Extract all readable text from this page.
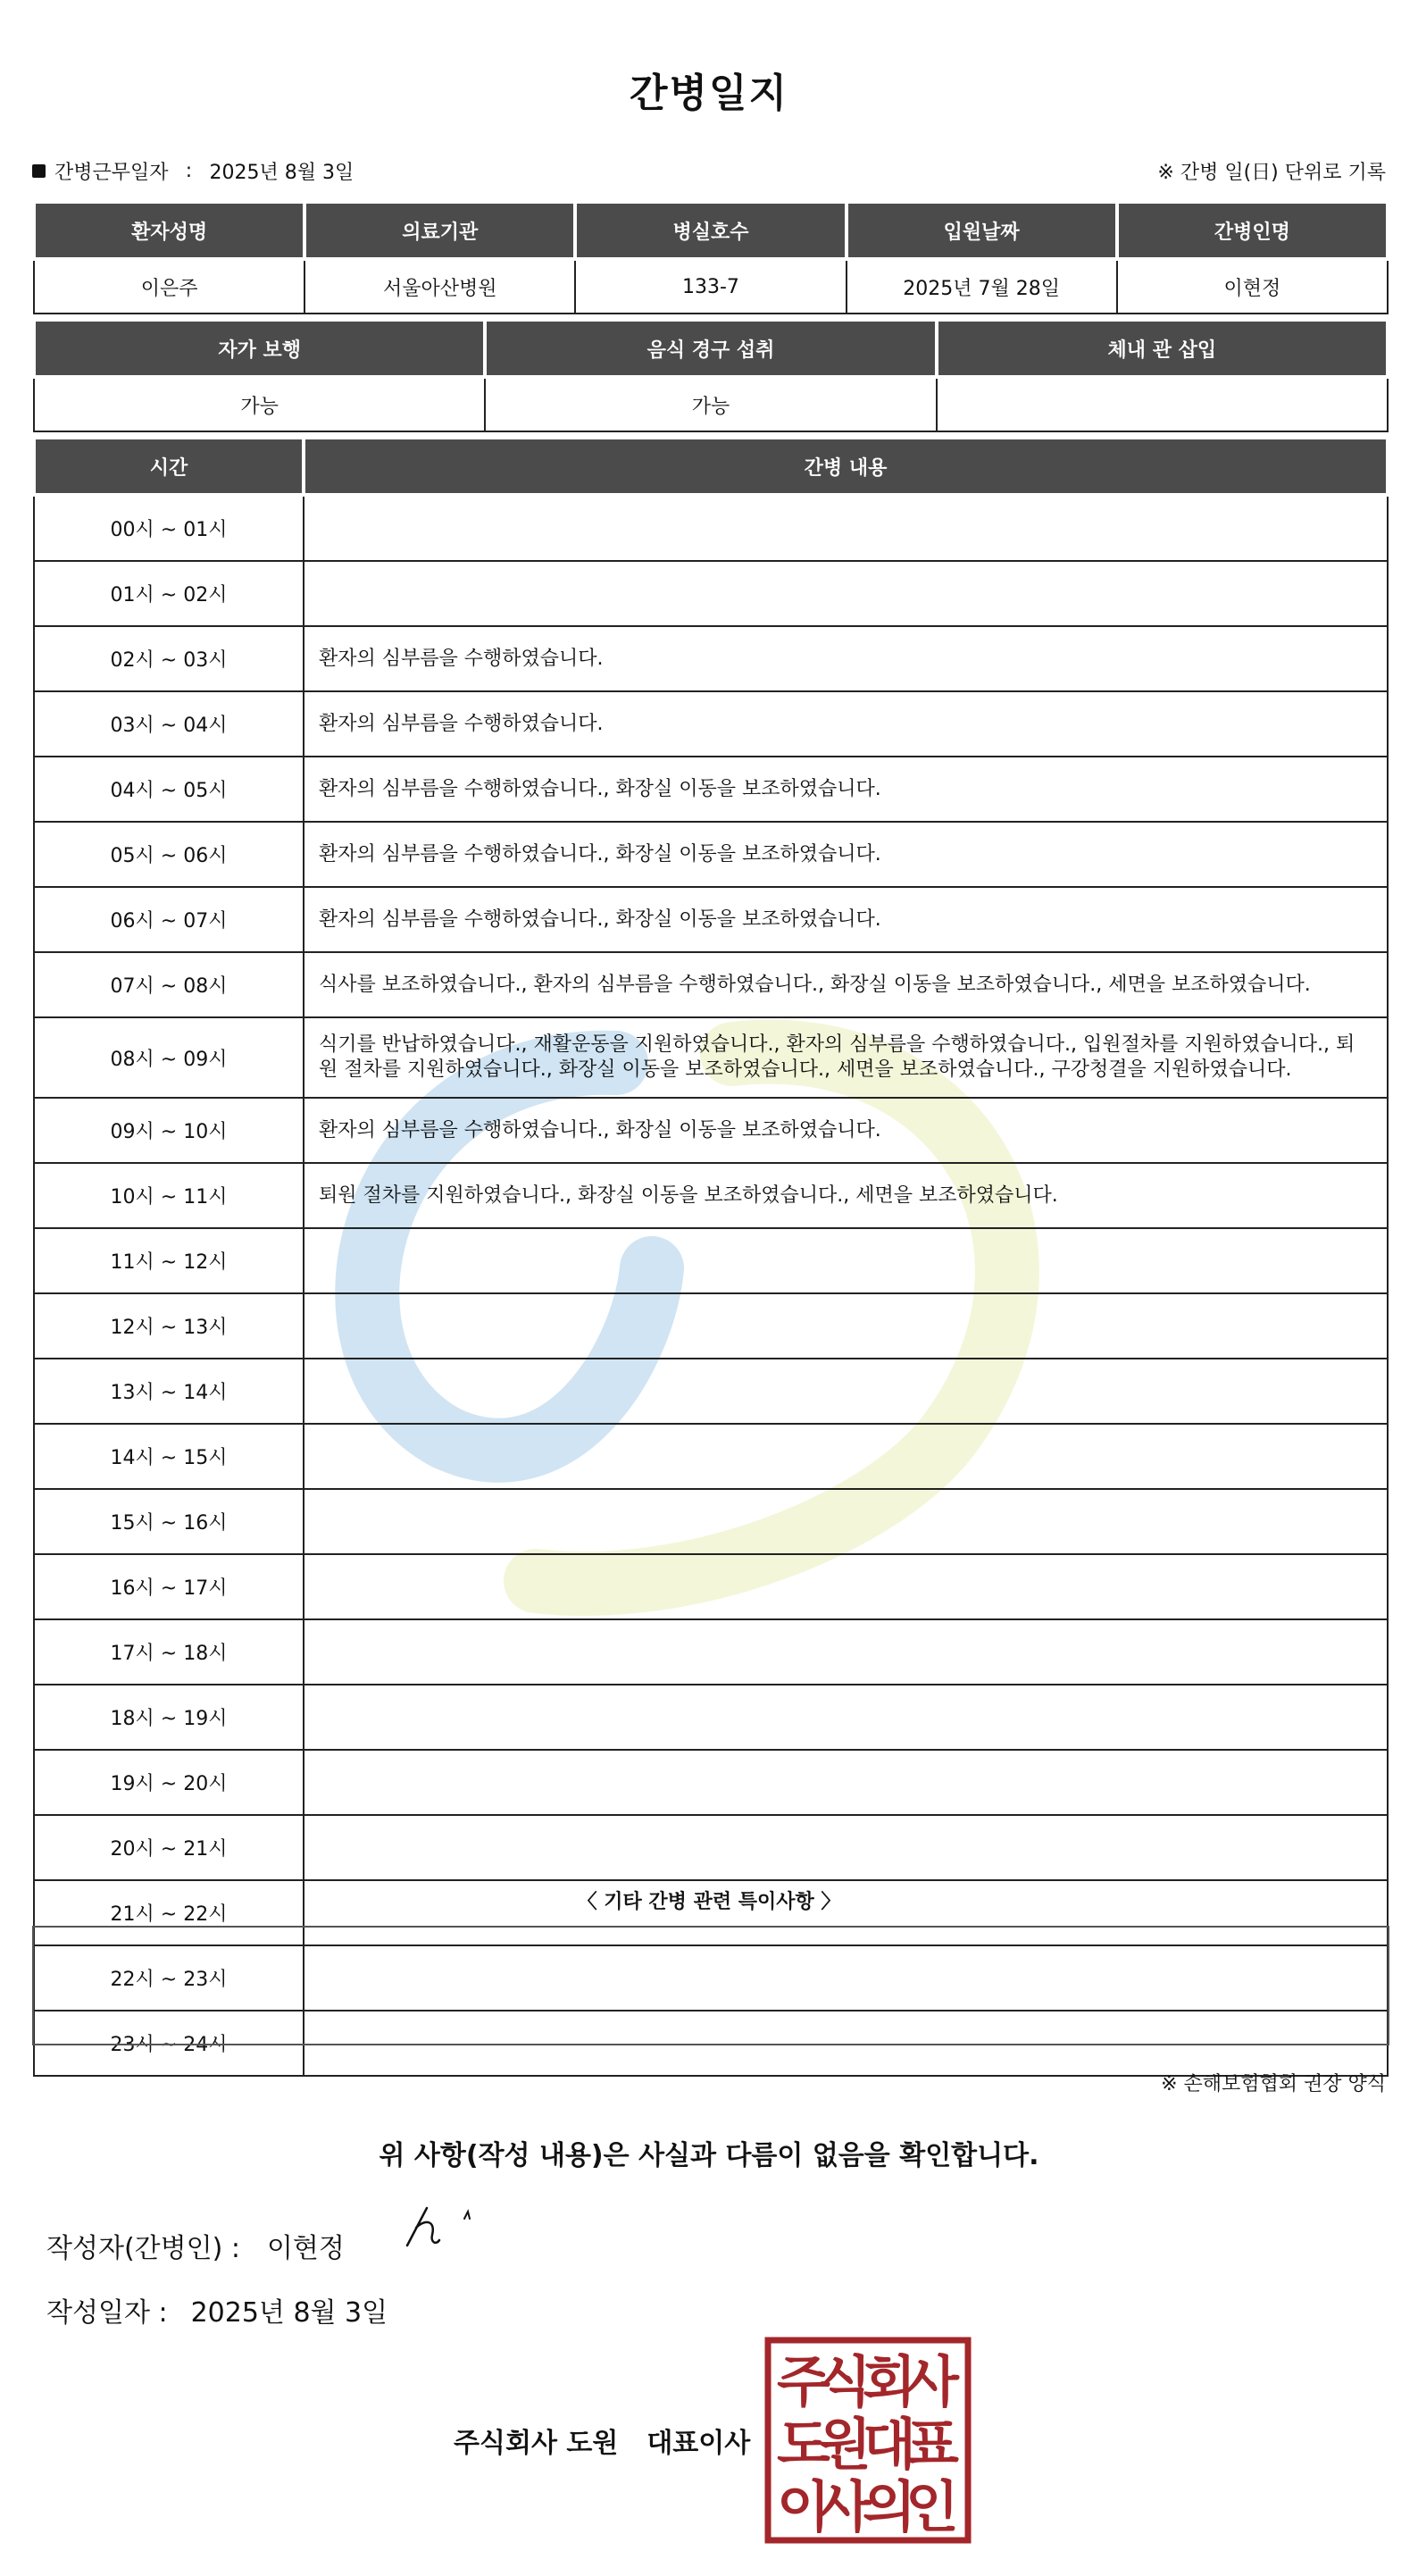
간병일지
간병근무일자 : 2025년 8월 3일	※ 간병 일(日) 단위로 기록
환자성명	의료기관	병실호수	입원날짜	간병인명
이은주	서울아산병원	133-7	2025년 7월 28일	이현정
자가 보행	음식 경구 섭취	체내 관 삽입
가능	가능	
시간	간병 내용
00시 ~ 01시	
01시 ~ 02시	
02시 ~ 03시	환자의 심부름을 수행하였습니다.
03시 ~ 04시	환자의 심부름을 수행하였습니다.
04시 ~ 05시	환자의 심부름을 수행하였습니다., 화장실 이동을 보조하였습니다.
05시 ~ 06시	환자의 심부름을 수행하였습니다., 화장실 이동을 보조하였습니다.
06시 ~ 07시	환자의 심부름을 수행하였습니다., 화장실 이동을 보조하였습니다.
07시 ~ 08시	식사를 보조하였습니다., 환자의 심부름을 수행하였습니다., 화장실 이동을 보조하였습니다., 세면을 보조하였습니다.
08시 ~ 09시	식기를 반납하였습니다., 재활운동을 지원하였습니다., 환자의 심부름을 수행하였습니다., 입원절차를 지원하였습니다., 퇴원 절차를 지원하였습니다., 화장실 이동을 보조하였습니다., 세면을 보조하였습니다., 구강청결을 지원하였습니다.
09시 ~ 10시	환자의 심부름을 수행하였습니다., 화장실 이동을 보조하였습니다.
10시 ~ 11시	퇴원 절차를 지원하였습니다., 화장실 이동을 보조하였습니다., 세면을 보조하였습니다.
11시 ~ 12시	
12시 ~ 13시	
13시 ~ 14시	
14시 ~ 15시	
15시 ~ 16시	
16시 ~ 17시	
17시 ~ 18시	
18시 ~ 19시	
19시 ~ 20시	
20시 ~ 21시	
21시 ~ 22시	
22시 ~ 23시	
23시 ~ 24시	
〈 기타 간병 관련 특이사항 〉
※ 손해보험협회 권장 양식
위 사항(작성 내용)은 사실과 다름이 없음을 확인합니다.
작성자(간병인) : 이현정
작성일자 : 2025년 8월 3일
주식회사 도원 대표이사
주
식
회
사
도
원
대
표
이
사
의
인
